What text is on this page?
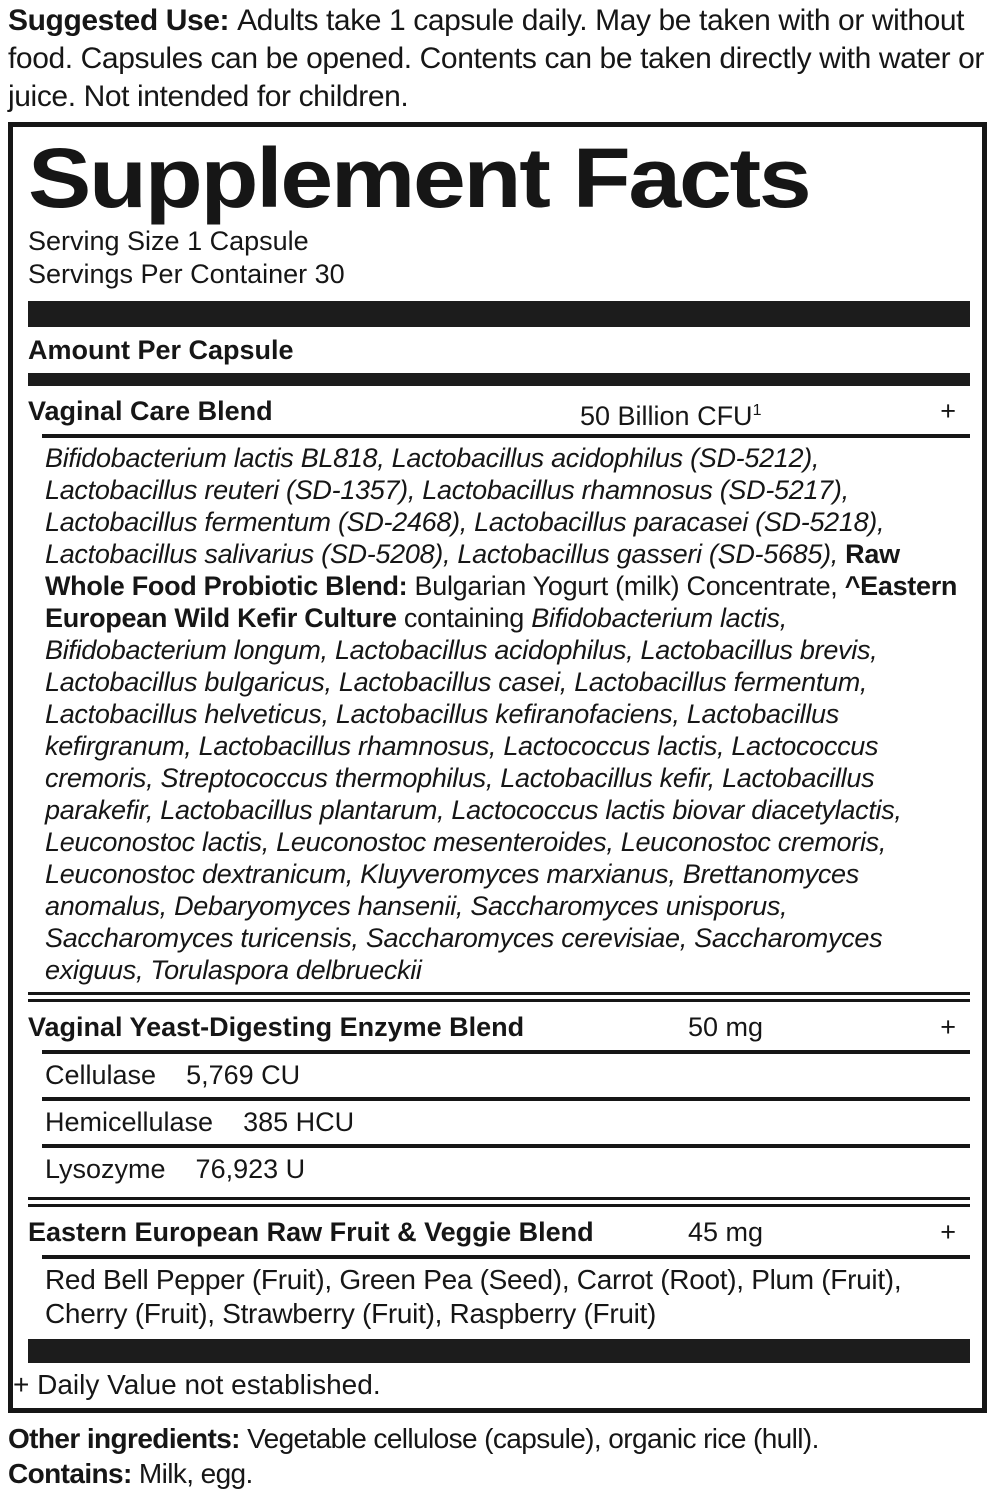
Suggested Use: Adults take 1 capsule daily. May be taken with or without food. Capsules can be opened. Contents can be taken directly with water or juice. Not intended for children.
Supplement Facts
Serving Size 1 Capsule
Servings Per Container 30
Amount Per Capsule
Vaginal Care Blend	50 Billion $CFU^1$	+
Bifidobacterium lactis BL818, Lactobacillus acidophilus (SD-5212), Lactobacillus reuteri (SD-1357), Lactobacillus rhamnosus (SD-5217), Lactobacillus fermentum (SD-2468), Lactobacillus paracasei (SD-5218), Lactobacillus salivarius (SD-5208), Lactobacillus gasseri (SD-5685), Raw Whole Food Probiotic Blend: Bulgarian Yogurt (milk) Concentrate, ^Eastern European Wild Kefir Culture containing Bifidobacterium lactis, Bifidobacterium longum, Lactobacillus acidophilus, Lactobacillus brevis, Lactobacillus bulgaricus, Lactobacillus casei, Lactobacillus fermentum, Lactobacillus helveticus, Lactobacillus kefiranofaciens, Lactobacillus kefirgranum, Lactobacillus rhamnosus, Lactococcus lactis, Lactococcus cremoris, Streptococcus thermophilus, Lactobacillus kefir, Lactobacillus parakefir, Lactobacillus plantarum, Lactococcus lactis biovar diacetylactis, Leuconostoc lactis, Leuconostoc mesenteroides, Leuconostoc cremoris, Leuconostoc dextranicum, Kluyveromyces marxianus, Brettanomyces anomalus, Debaryomyces hansenii, Saccharomyces unisporus, Saccharomyces turicensis, Saccharomyces cerevisiae, Saccharomyces exiguus, Torulaspora delbrueckii
Vaginal Yeast-Digesting Enzyme Blend	50 mg	+
Cellulase 5,769 CU
Hemicellulase 385 HCU
Lysozyme 76,923 U
Eastern European Raw Fruit & Veggie Blend	45 mg	+
Red Bell Pepper (Fruit), Green Pea (Seed), Carrot (Root), Plum (Fruit), Cherry (Fruit), Strawberry (Fruit), Raspberry (Fruit)
+ Daily Value not established.
Other ingredients: Vegetable cellulose (capsule), organic rice (hull).
Contains: Milk, egg.
